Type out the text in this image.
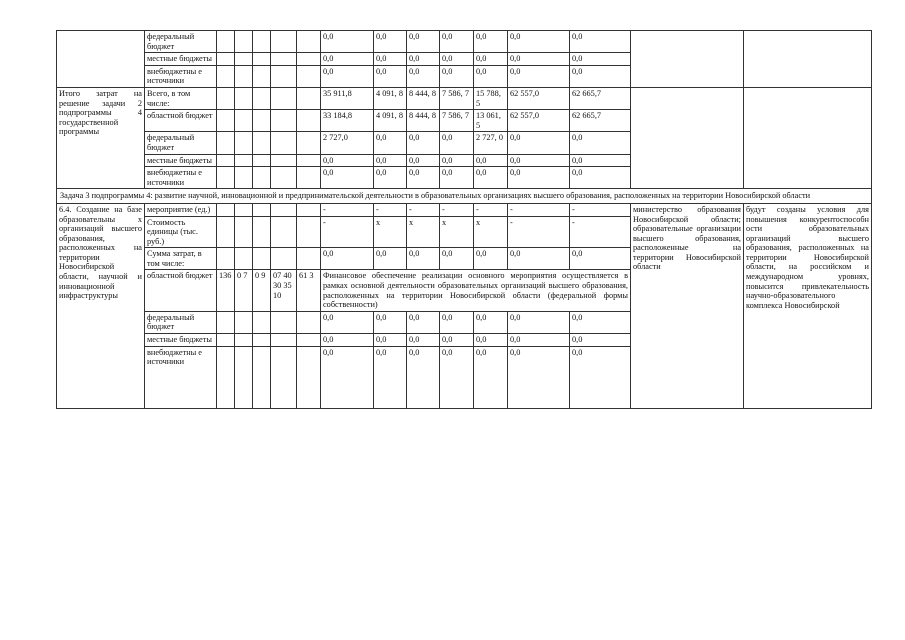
	федеральный бюджет						0,0	0,0	0,0	0,0	0,0	0,0	0,0		
	местные бюджеты						0,0	0,0	0,0	0,0	0,0	0,0	0,0		
	внебюджетны е источники						0,0	0,0	0,0	0,0	0,0	0,0	0,0		
Итого затрат на решение задачи 2 подпрограммы 4 государственной программы	Всего, в том числе:						35 911,8	4 091, 8	8 444, 8	7 586, 7	15 788, 5	62 557,0	62 665,7		
	областной бюджет						33 184,8	4 091, 8	8 444, 8	7 586, 7	13 061, 5	62 557,0	62 665,7		
	федеральный бюджет						2 727,0	0,0	0,0	0,0	2 727, 0	0,0	0,0		
	местные бюджеты						0,0	0,0	0,0	0,0	0,0	0,0	0,0		
	внебюджетны е источники						0,0	0,0	0,0	0,0	0,0	0,0	0,0		
Задача 3 подпрограммы 4: развитие научной, инновационной и предпринимательской деятельности в образовательных организациях высшего образования, расположенных на территории Новосибирской области															
6.4. Создание на базе образовательны х организаций высшего образования, расположенных на территории Новосибирской области, научной и инновационной инфраструктуры	мероприятие (ед.)						-	-	-	-	-	-	-	министерство образования Новосибирской области; образовательные организации высшего образования, расположенные на территории Новосибирской области	будут созданы условия для повышения конкурентоспособн ости образовательных организаций высшего образования, расположенных на территории Новосибирской области, на российском и международном уровнях, повысится привлекательность научно-образовательного комплекса Новосибирской
	Стоимость единицы (тыс. руб.)						-	x	x	x	x	-	-		
	Сумма затрат, в том числе:						0,0	0,0	0,0	0,0	0,0	0,0	0,0		
	областной бюджет	136	0 7	0 9	07 40 30 35 10	61 3	Финансовое обеспечение реализации основного мероприятия осуществляется в рамках основной деятельности образовательных организаций высшего образования, расположенных на территории Новосибирской области (федеральной формы собственности)								
	федеральный бюджет						0,0	0,0	0,0	0,0	0,0	0,0	0,0		
	местные бюджеты						0,0	0,0	0,0	0,0	0,0	0,0	0,0		
	внебюджетны е источники						0,0	0,0	0,0	0,0	0,0	0,0	0,0		
